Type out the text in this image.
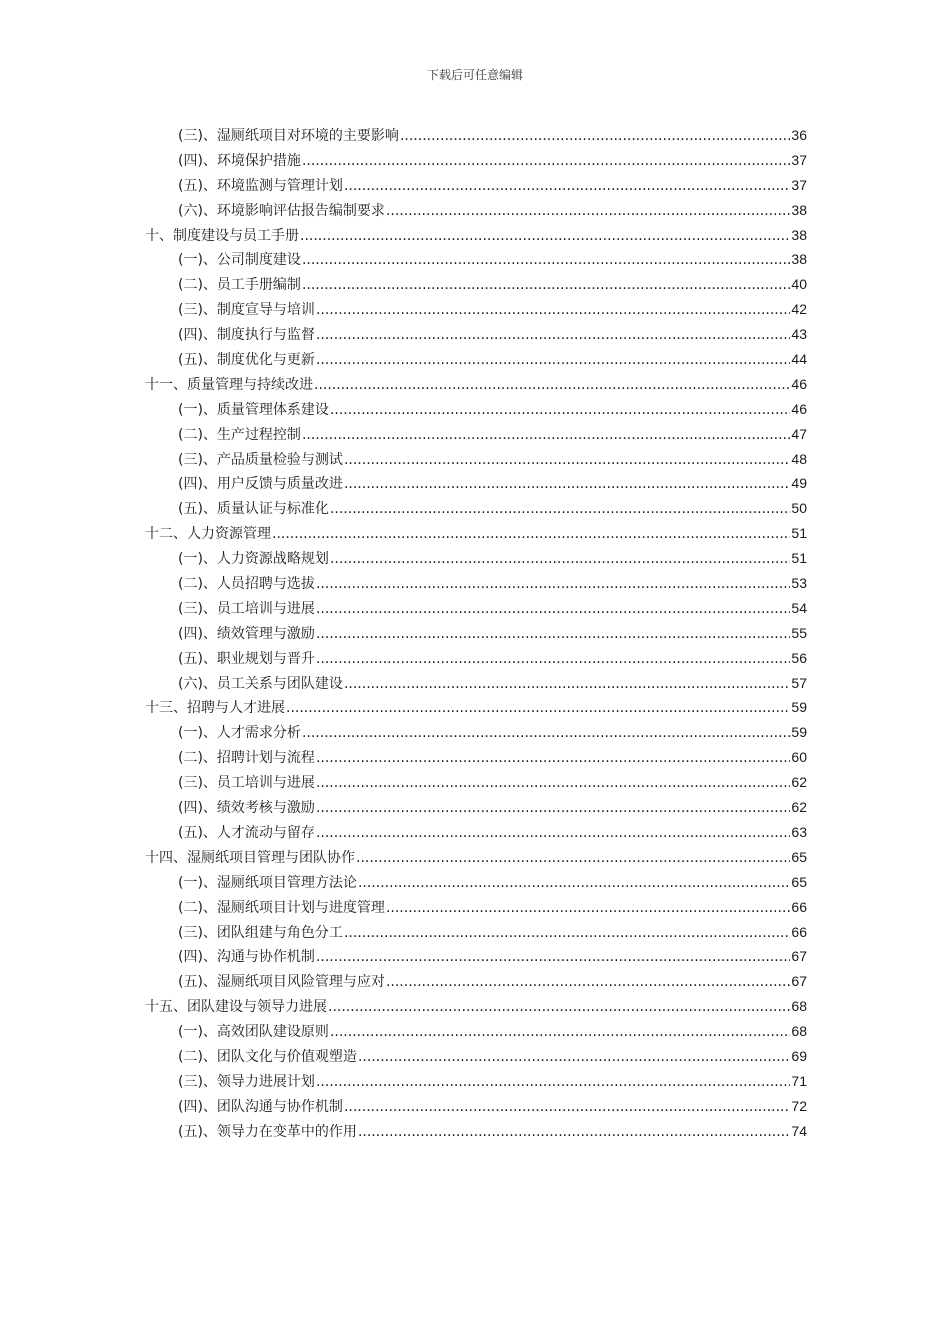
下载后可任意编辑
(三)、湿厕纸项目对环境的主要影响 .....	36
(四)、环境保护措施 .....	37
(五)、环境监测与管理计划 .....	37
(六)、环境影响评估报告编制要求 .....	38
十、制度建设与员工手册 .....	38
(一)、公司制度建设 .....	38
(二)、员工手册编制 .....	40
(三)、制度宣导与培训 .....	42
(四)、制度执行与监督 .....	43
(五)、制度优化与更新 .....	44
十一、质量管理与持续改进 .....	46
(一)、质量管理体系建设 .....	46
(二)、生产过程控制 .....	47
(三)、产品质量检验与测试 .....	48
(四)、用户反馈与质量改进 .....	49
(五)、质量认证与标准化 .....	50
十二、人力资源管理 .....	51
(一)、人力资源战略规划 .....	51
(二)、人员招聘与选拔 .....	53
(三)、员工培训与进展 .....	54
(四)、绩效管理与激励 .....	55
(五)、职业规划与晋升 .....	56
(六)、员工关系与团队建设 .....	57
十三、招聘与人才进展 .....	59
(一)、人才需求分析 .....	59
(二)、招聘计划与流程 .....	60
(三)、员工培训与进展 .....	62
(四)、绩效考核与激励 .....	62
(五)、人才流动与留存 .....	63
十四、湿厕纸项目管理与团队协作 .....	65
(一)、湿厕纸项目管理方法论 .....	65
(二)、湿厕纸项目计划与进度管理 .....	66
(三)、团队组建与角色分工 .....	66
(四)、沟通与协作机制 .....	67
(五)、湿厕纸项目风险管理与应对 .....	67
十五、团队建设与领导力进展 .....	68
(一)、高效团队建设原则 .....	68
(二)、团队文化与价值观塑造 .....	69
(三)、领导力进展计划 .....	71
(四)、团队沟通与协作机制 .....	72
(五)、领导力在变革中的作用 .....	74
